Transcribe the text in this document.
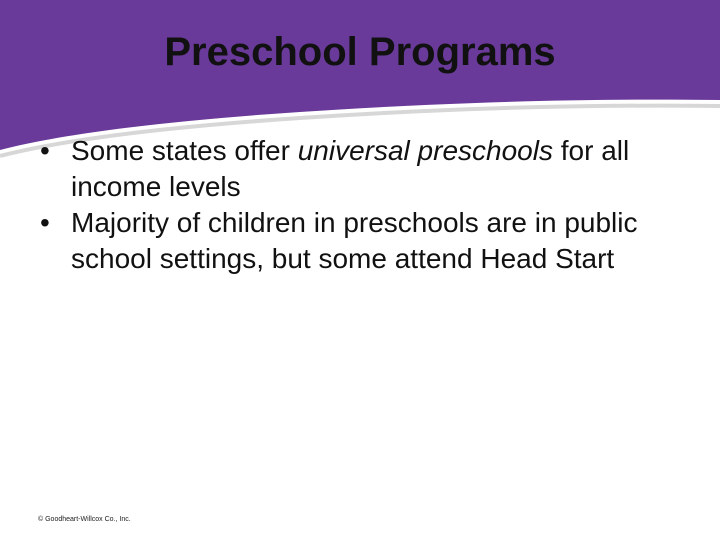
Preschool Programs
• Some states offer universal preschools for all income levels
• Majority of children in preschools are in public school settings, but some attend Head Start
© Goodheart-Willcox Co., Inc.
